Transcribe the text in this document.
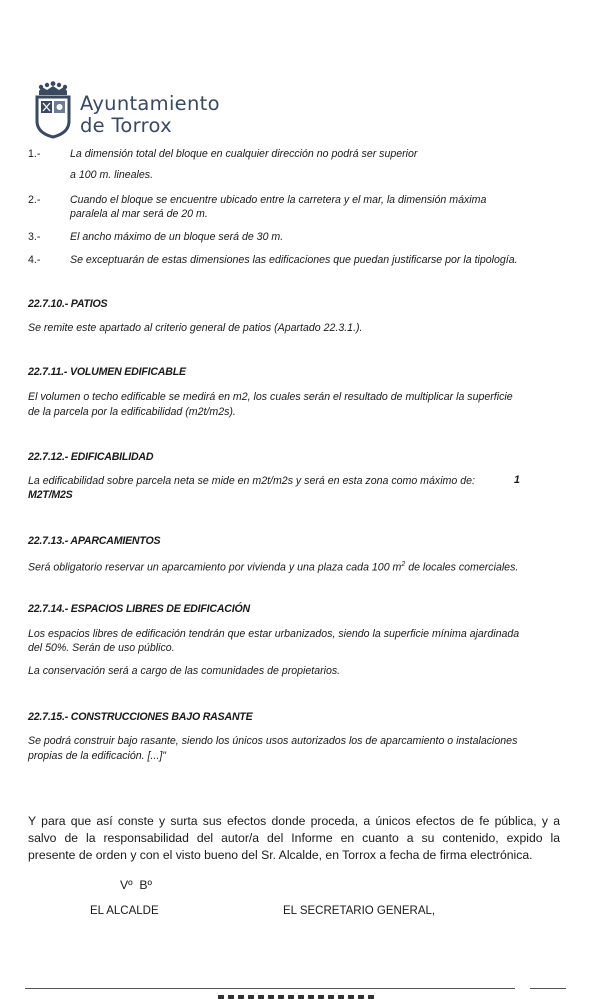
Ayuntamiento
de Torrox
1.-	La dimensión total del bloque en cualquier dirección no podrá ser superior
a 100 m. lineales.
2.-	Cuando el bloque se encuentre ubicado entre la carretera y el mar, la dimensión máxima
paralela al mar será de 20 m.
3.-	El ancho máximo de un bloque será de 30 m.
4.-	Se exceptuarán de estas dimensiones las edificaciones que puedan justificarse por la tipología.
22.7.10.- PATIOS
Se remite este apartado al criterio general de patios (Apartado 22.3.1.).
22.7.11.- VOLUMEN EDIFICABLE
El volumen o techo edificable se medirá en m2, los cuales serán el resultado de multiplicar la superficie
de la parcela por la edificabilidad (m2t/m2s).
22.7.12.- EDIFICABILIDAD
La edificabilidad sobre parcela neta se mide en m2t/m2s y será en esta zona como máximo de:	1
M2T/M2S
22.7.13.- APARCAMIENTOS
Será obligatorio reservar un aparcamiento por vivienda y una plaza cada 100 $m^2$ de locales comerciales.
22.7.14.- ESPACIOS LIBRES DE EDIFICACIÓN
Los espacios libres de edificación tendrán que estar urbanizados, siendo la superficie mínima ajardinada
del 50%. Serán de uso público.
La conservación será a cargo de las comunidades de propietarios.
22.7.15.- CONSTRUCCIONES BAJO RASANTE
Se podrá construir bajo rasante, siendo los únicos usos autorizados los de aparcamiento o instalaciones
propias de la edificación. [...]"
Y para que así conste y surta sus efectos donde proceda, a únicos efectos de fe pública, y a
salvo de la responsabilidad del autor/a del Informe en cuanto a su contenido, expido la
presente de orden y con el visto bueno del Sr. Alcalde, en Torrox a fecha de firma electrónica.
Vº  Bº
EL ALCALDE	EL SECRETARIO GENERAL,
